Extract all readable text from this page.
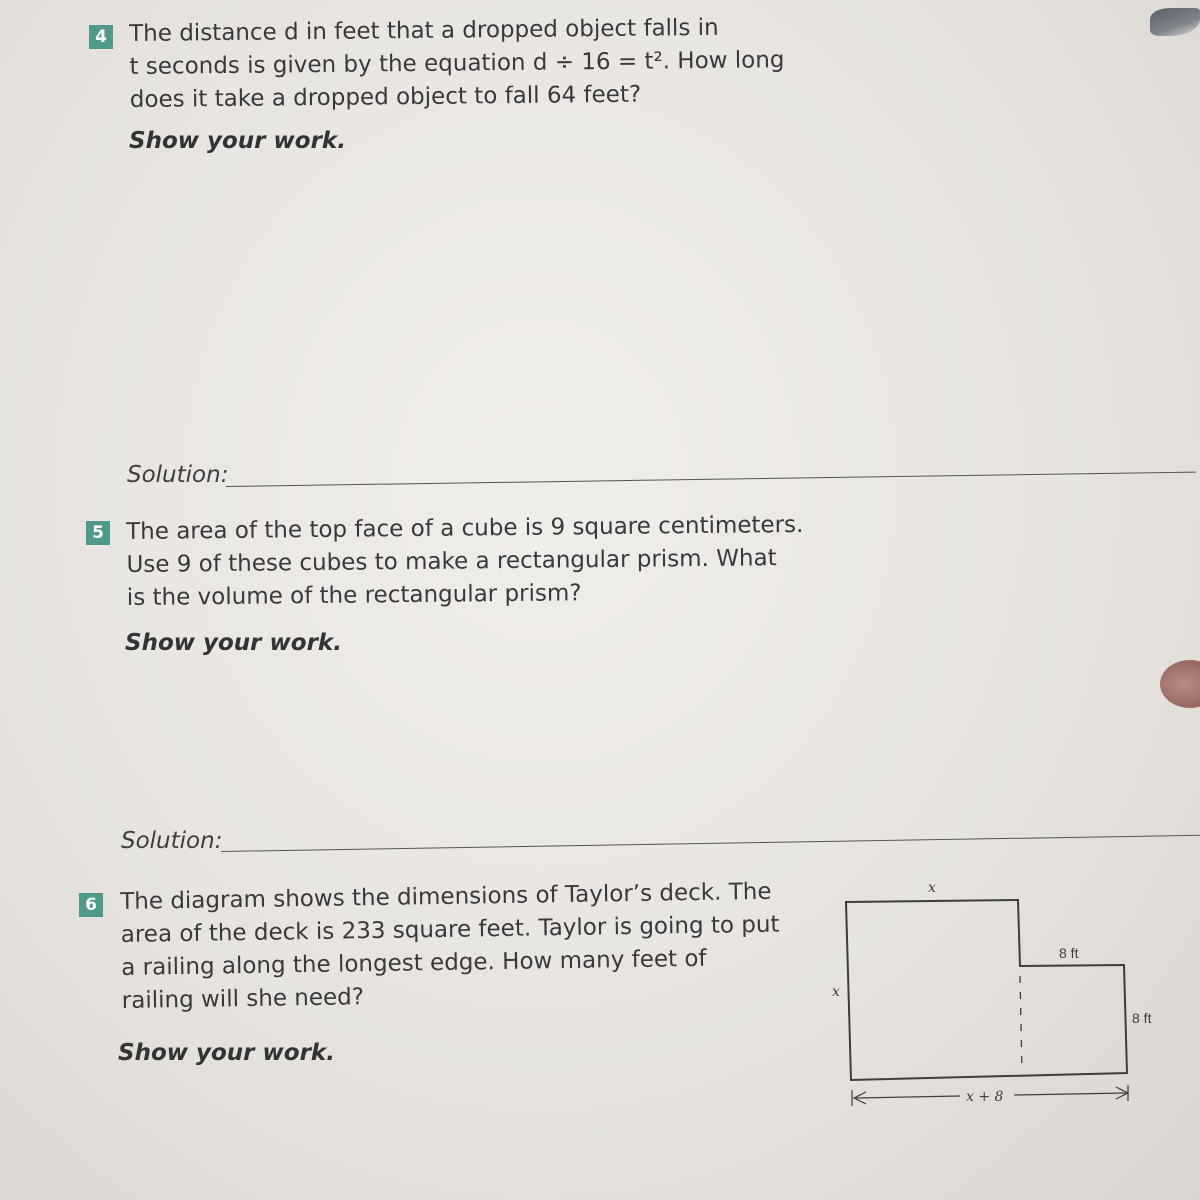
4 The distance d in feet that a dropped object falls in
t seconds is given by the equation d ÷ 16 = t². How long
does it take a dropped object to fall 64 feet?
Show your work.
Solution:
5 The area of the top face of a cube is 9 square centimeters.
Use 9 of these cubes to make a rectangular prism. What
is the volume of the rectangular prism?
Show your work.
Solution:
6 The diagram shows the dimensions of Taylor’s deck. The
area of the deck is 233 square feet. Taylor is going to put
a railing along the longest edge. How many feet of
railing will she need?
Show your work.
x
x
8 ft
8 ft
x + 8
